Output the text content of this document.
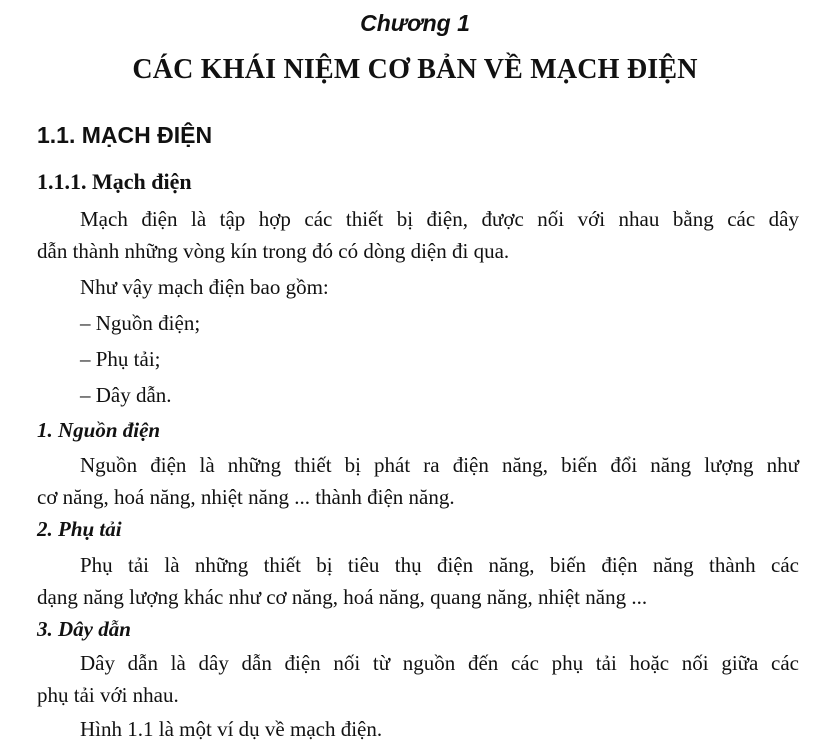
Chương 1
CÁC KHÁI NIỆM CƠ BẢN VỀ MẠCH ĐIỆN
1.1. MẠCH ĐIỆN
1.1.1. Mạch điện
Mạch điện là tập hợp các thiết bị điện, được nối với nhau bằng các dây
dẫn thành những vòng kín trong đó có dòng diện đi qua.
Như vậy mạch điện bao gồm:
– Nguồn điện;
– Phụ tải;
– Dây dẫn.
1. Nguồn điện
Nguồn điện là những thiết bị phát ra điện năng, biến đổi năng lượng như
cơ năng, hoá năng, nhiệt năng ... thành điện năng.
2. Phụ tải
Phụ tải là những thiết bị tiêu thụ điện năng, biến điện năng thành các
dạng năng lượng khác như cơ năng, hoá năng, quang năng, nhiệt năng ...
3. Dây dẫn
Dây dẫn là dây dẫn điện nối từ nguồn đến các phụ tải hoặc nối giữa các
phụ tải với nhau.
Hình 1.1 là một ví dụ về mạch điện.
